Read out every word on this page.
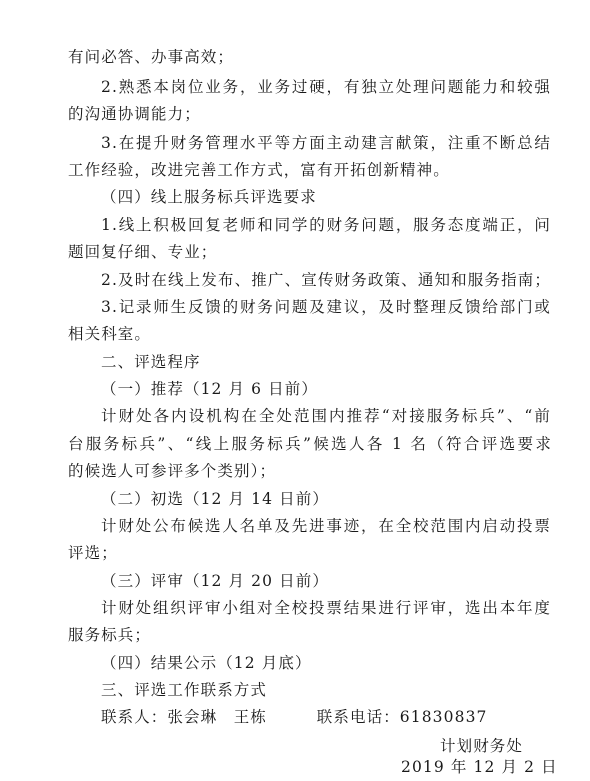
有问必答、办事高效；
2.熟悉本岗位业务，业务过硬，有独立处理问题能力和较强
的沟通协调能力；
3.在提升财务管理水平等方面主动建言献策，注重不断总结
工作经验，改进完善工作方式，富有开拓创新精神。
（四）线上服务标兵评选要求
1.线上积极回复老师和同学的财务问题，服务态度端正，问
题回复仔细、专业；
2.及时在线上发布、推广、宣传财务政策、通知和服务指南；
3.记录师生反馈的财务问题及建议，及时整理反馈给部门或
相关科室。
二、评选程序
（一）推荐（12 月 6 日前）
计财处各内设机构在全处范围内推荐“对接服务标兵”、“前
台服务标兵”、“线上服务标兵”候选人各 1 名（符合评选要求
的候选人可参评多个类别）；
（二）初选（12 月 14 日前）
计财处公布候选人名单及先进事迹，在全校范围内启动投票
评选；
（三）评审（12 月 20 日前）
计财处组织评审小组对全校投票结果进行评审，选出本年度
服务标兵；
（四）结果公示（12 月底）
三、评选工作联系方式
联系人：张会琳　王栋　　　联系电话：61830837
计划财务处
2019 年 12 月 2 日
